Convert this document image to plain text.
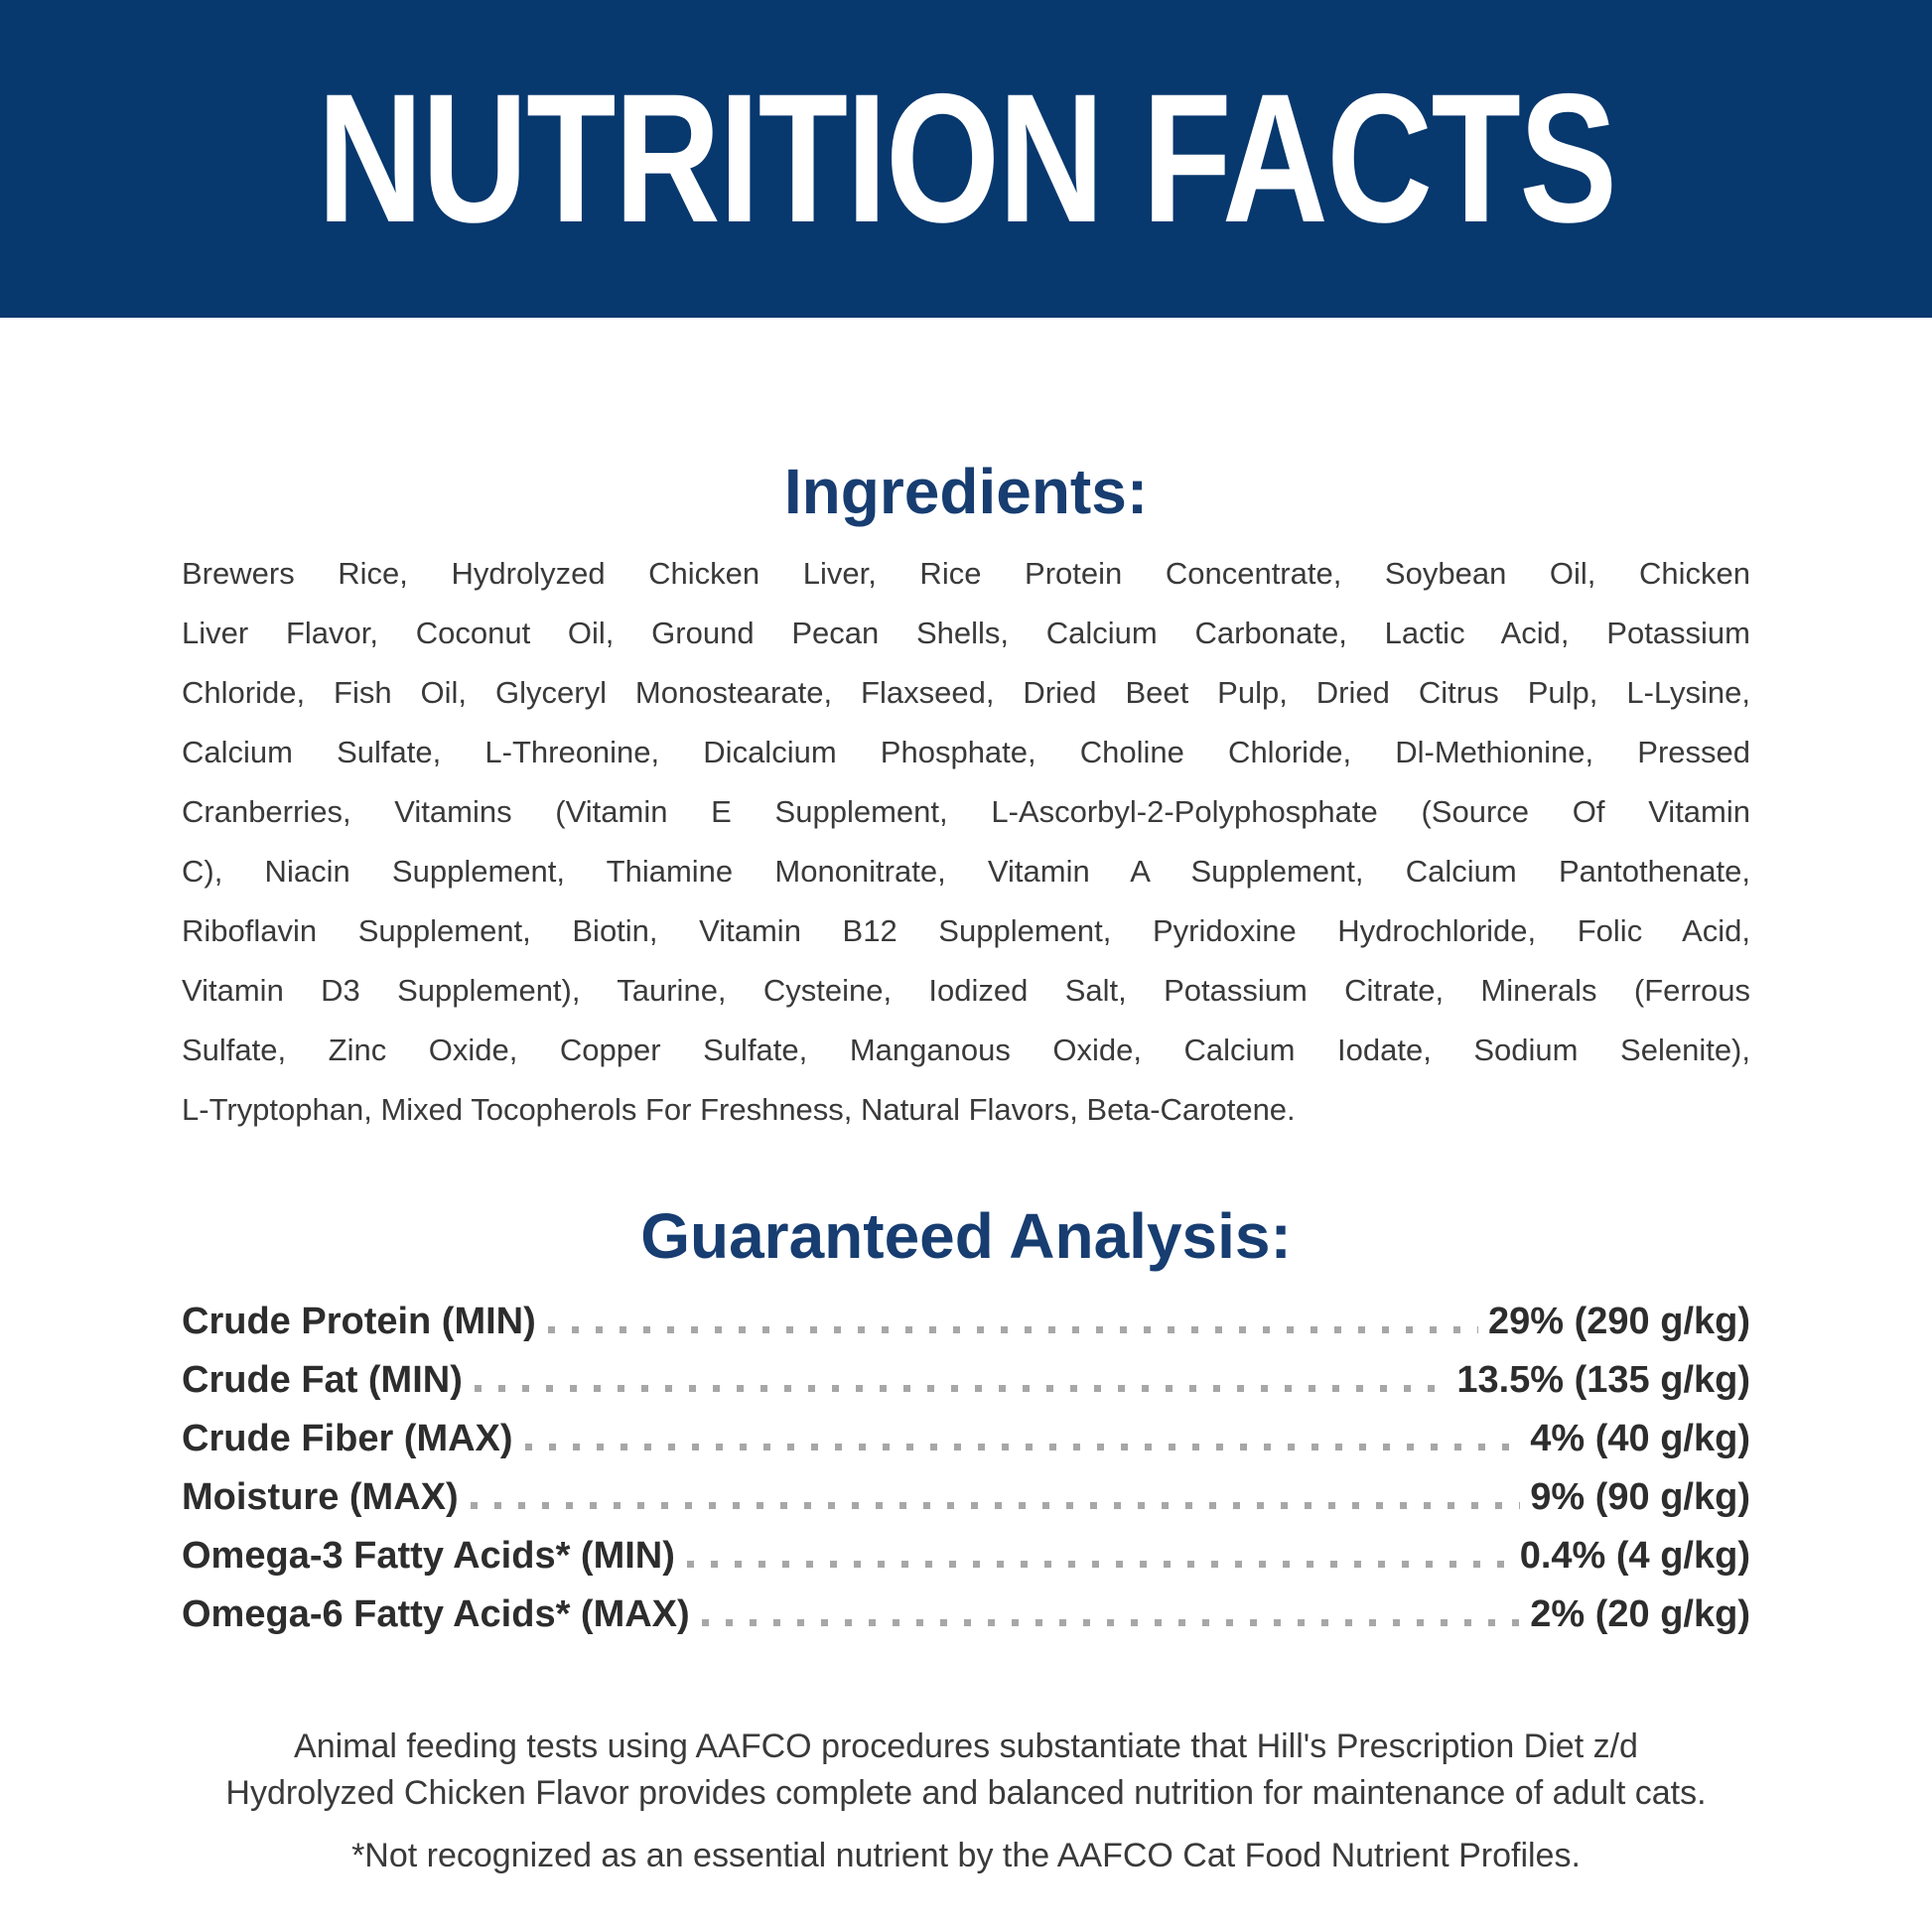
NUTRITION FACTS
Ingredients:
Brewers Rice, Hydrolyzed Chicken Liver, Rice Protein Concentrate, Soybean Oil, Chicken
Liver Flavor, Coconut Oil, Ground Pecan Shells, Calcium Carbonate, Lactic Acid, Potassium
Chloride, Fish Oil, Glyceryl Monostearate, Flaxseed, Dried Beet Pulp, Dried Citrus Pulp, L-Lysine,
Calcium Sulfate, L-Threonine, Dicalcium Phosphate, Choline Chloride, Dl-Methionine, Pressed
Cranberries, Vitamins (Vitamin E Supplement, L-Ascorbyl-2-Polyphosphate (Source Of Vitamin
C), Niacin Supplement, Thiamine Mononitrate, Vitamin A Supplement, Calcium Pantothenate,
Riboflavin Supplement, Biotin, Vitamin B12 Supplement, Pyridoxine Hydrochloride, Folic Acid,
Vitamin D3 Supplement), Taurine, Cysteine, Iodized Salt, Potassium Citrate, Minerals (Ferrous
Sulfate, Zinc Oxide, Copper Sulfate, Manganous Oxide, Calcium Iodate, Sodium Selenite),
L-Tryptophan, Mixed Tocopherols For Freshness, Natural Flavors, Beta-Carotene.
Guaranteed Analysis:
Crude Protein (MIN)	29% (290 g/kg)
Crude Fat (MIN)	13.5% (135 g/kg)
Crude Fiber (MAX)	4% (40 g/kg)
Moisture (MAX)	9% (90 g/kg)
Omega-3 Fatty Acids* (MIN)	0.4% (4 g/kg)
Omega-6 Fatty Acids* (MAX)	2% (20 g/kg)
Animal feeding tests using AAFCO procedures substantiate that Hill's Prescription Diet z/d
Hydrolyzed Chicken Flavor provides complete and balanced nutrition for maintenance of adult cats.
*Not recognized as an essential nutrient by the AAFCO Cat Food Nutrient Profiles.
